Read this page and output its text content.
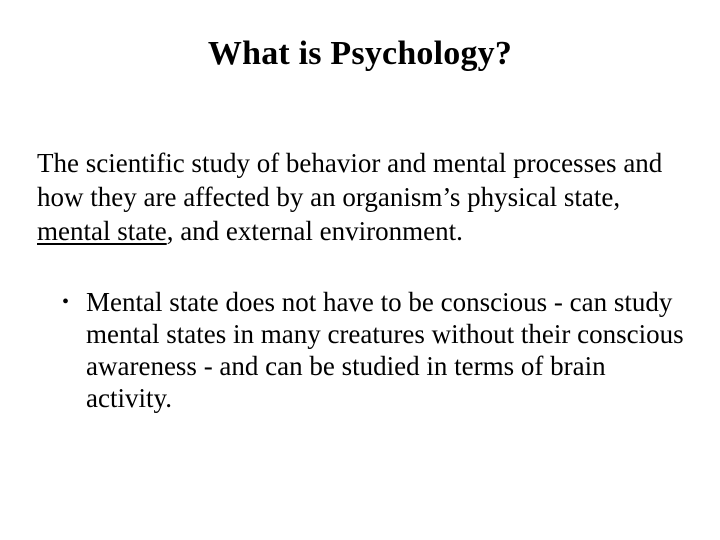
What is Psychology?
The scientific study of behavior and mental processes and how they are affected by an organism’s physical state, mental state, and external environment.
• Mental state does not have to be conscious - can study mental states in many creatures without their conscious awareness - and can be studied in terms of brain activity.
